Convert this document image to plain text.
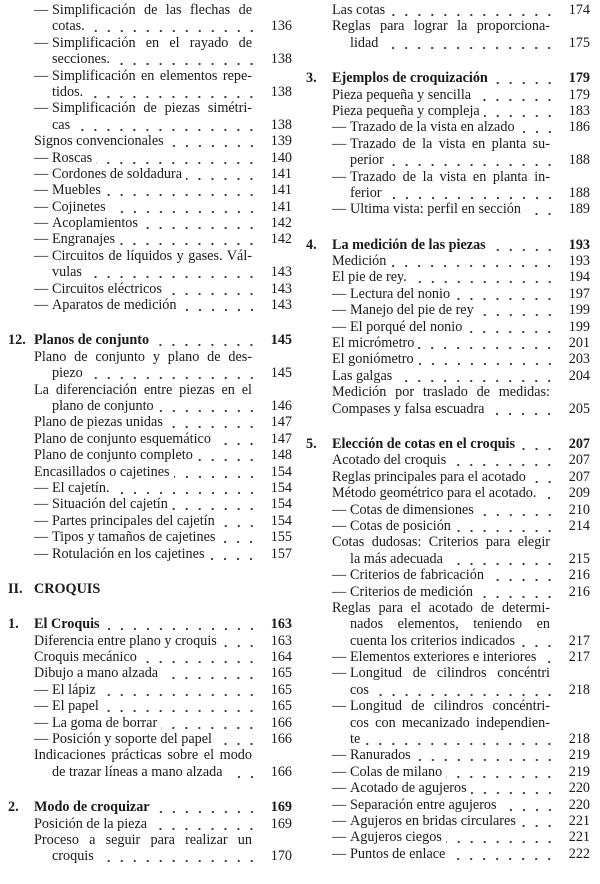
— Simplificación de las flechas de
cotas.	136
— Simplificación en el rayado de
secciones.	138
— Simplificación en elementos repe-
tidos.	138
— Simplificación de piezas simétri-
cas	138
Signos convencionales	139
— Roscas	140
— Cordones de soldadura	141
— Muebles	141
— Cojinetes	141
— Acoplamientos	142
— Engranajes	142
— Circuitos de líquidos y gases. Vál-
vulas	143
— Circuitos eléctricos	143
— Aparatos de medición	143
12. Planos de conjunto	145
Plano de conjunto y plano de des-
piezo	145
La diferenciación entre piezas en el
plano de conjunto	146
Plano de piezas unidas	147
Plano de conjunto esquemático	147
Plano de conjunto completo	148
Encasillados o cajetines	154
— El cajetín.	154
— Situación del cajetín	154
— Partes principales del cajetín	154
— Tipos y tamaños de cajetines	155
— Rotulación en los cajetines	157
II. CROQUIS
1.	El Croquis	163
Diferencia entre plano y croquis	163
Croquis mecánico	164
Dibujo a mano alzada	165
— El lápiz	165
— El papel	165
— La goma de borrar	166
— Posición y soporte del papel	166
Indicaciones prácticas sobre el modo
de trazar líneas a mano alzada	166
2.	Modo de croquizar	169
Posición de la pieza	169
Proceso a seguir para realizar un
croquis	170
Las cotas	174
Reglas para lograr la proporciona-
lidad	175
3.	Ejemplos de croquización	179
Pieza pequeña y sencilla	179
Pieza pequeña y compleja	183
— Trazado de la vista en alzado	186
— Trazado de la vista en planta su-
perior	188
— Trazado de la vista en planta in-
ferior	188
— Ultima vista: perfil en sección	189
4.	La medición de las piezas	193
Medición	193
El pie de rey.	194
— Lectura del nonio	197
— Manejo del pie de rey	199
— El porqué del nonio	199
El micrómetro	201
El goniómetro	203
Las galgas	204
Medición por traslado de medidas:
Compases y falsa escuadra	205
5.	Elección de cotas en el croquis	207
Acotado del croquis	207
Reglas principales para el acotado	207
Método geométrico para el acotado.	209
— Cotas de dimensiones	210
— Cotas de posición	214
Cotas dudosas: Criterios para elegir
la más adecuada	215
— Criterios de fabricación	216
— Criterios de medición	216
Reglas para el acotado de determi-
nados elementos, teniendo en
cuenta los criterios indicados	217
— Elementos exteriores e interiores	217
— Longitud de cilindros concéntri
cos	218
— Longitud de cilindros concéntri-
cos con mecanizado independien-
te	218
— Ranurados	219
— Colas de milano	219
— Acotado de agujeros	220
— Separación entre agujeros	220
— Agujeros en bridas circulares	221
— Agujeros ciegos	221
— Puntos de enlace	222
